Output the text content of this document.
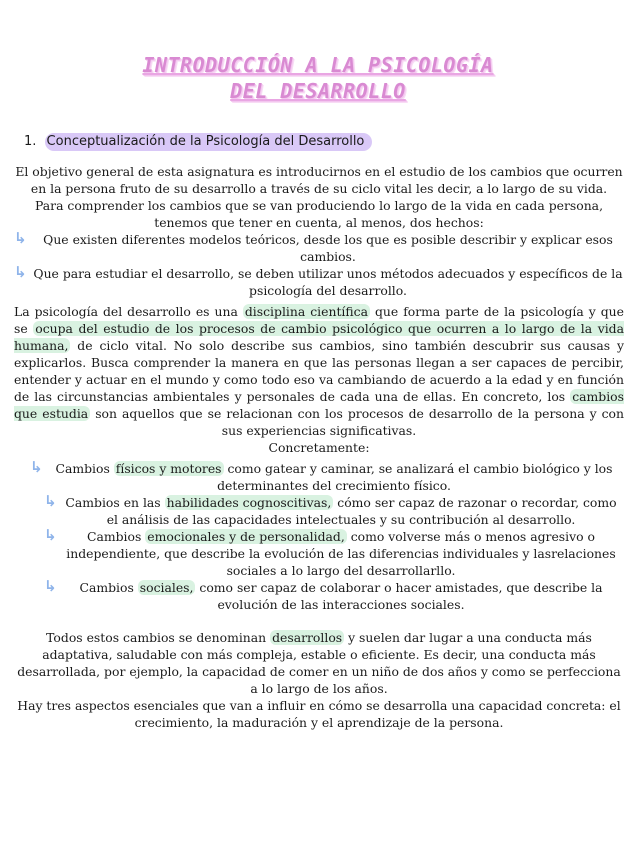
INTRODUCCIÓN A LA PSICOLOGÍA
DEL DESARROLLO
1. Conceptualización de la Psicología del Desarrollo

El objetivo general de esta asignatura es introducirnos en el estudio de los cambios que ocurren en la persona fruto de su desarrollo a través de su ciclo vital les decir, a lo largo de su vida.

Para comprender los cambios que se van produciendo lo largo de la vida en cada persona, tenemos que tener en cuenta, al menos, dos hechos:

↳ Que existen diferentes modelos teóricos, desde los que es posible describir y explicar esos cambios.

↳ Que para estudiar el desarrollo, se deben utilizar unos métodos adecuados y específicos de la psicología del desarrollo.

La psicología del desarrollo es una disciplina científica que forma parte de la psicología y que se ocupa del estudio de los procesos de cambio psicológico que ocurren a lo largo de la vida humana, de ciclo vital. No solo describe sus cambios, sino también descubrir sus causas y explicarlos. Busca comprender la manera en que las personas llegan a ser capaces de percibir, entender y actuar en el mundo y como todo eso va cambiando de acuerdo a la edad y en función de las circunstancias ambientales y personales de cada una de ellas. En concreto, los cambios que estudia son aquellos que se relacionan con los procesos de desarrollo de la persona y con sus experiencias significativas.

Concretamente:

↳ Cambios físicos y motores como gatear y caminar, se analizará el cambio biológico y los determinantes del crecimiento físico.

↳ Cambios en las habilidades cognoscitivas, cómo ser capaz de razonar o recordar, como el análisis de las capacidades intelectuales y su contribución al desarrollo.

↳ Cambios emocionales y de personalidad, como volverse más o menos agresivo o independiente, que describe la evolución de las diferencias individuales y lasrelaciones sociales a lo largo del desarrollarllo.

↳ Cambios sociales, como ser capaz de colaborar o hacer amistades, que describe la evolución de las interacciones sociales.

Todos estos cambios se denominan desarrollos y suelen dar lugar a una conducta más adaptativa, saludable con más compleja, estable o eficiente. Es decir, una conducta más desarrollada, por ejemplo, la capacidad de comer en un niño de dos años y como se perfecciona a lo largo de los años.

Hay tres aspectos esenciales que van a influir en cómo se desarrolla una capacidad concreta: el crecimiento, la maduración y el aprendizaje de la persona.
